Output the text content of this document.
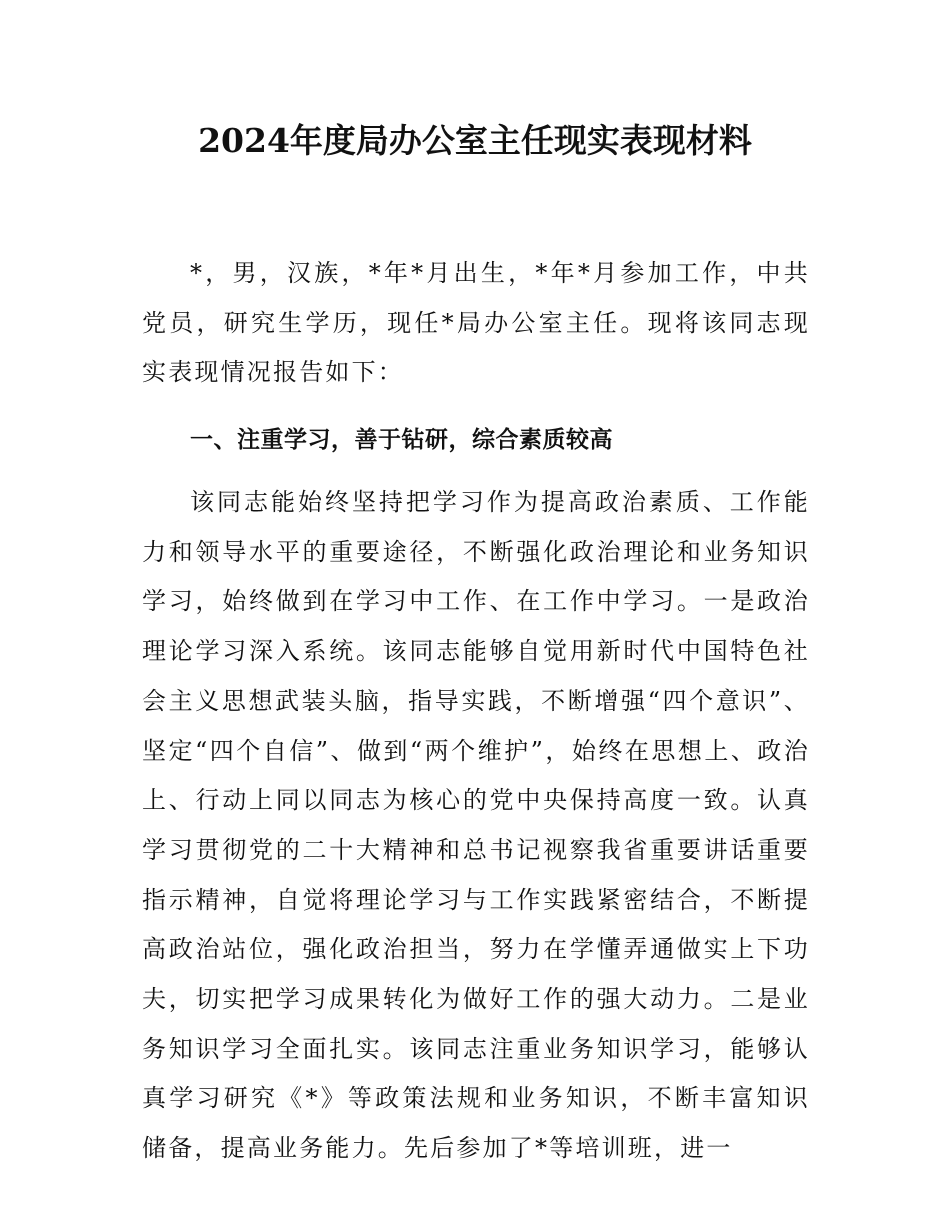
2024年度局办公室主任现实表现材料

*，男，汉族，*年*月出生，*年*月参加工作，中共党员，研究生学历，现任*局办公室主任。现将该同志现实表现情况报告如下：

一、注重学习，善于钻研，综合素质较高

该同志能始终坚持把学习作为提高政治素质、工作能力和领导水平的重要途径，不断强化政治理论和业务知识学习，始终做到在学习中工作、在工作中学习。一是政治理论学习深入系统。该同志能够自觉用新时代中国特色社会主义思想武装头脑，指导实践，不断增强“四个意识”、坚定“四个自信”、做到“两个维护”，始终在思想上、政治上、行动上同以同志为核心的党中央保持高度一致。认真学习贯彻党的二十大精神和总书记视察我省重要讲话重要指示精神，自觉将理论学习与工作实践紧密结合，不断提高政治站位，强化政治担当，努力在学懂弄通做实上下功夫，切实把学习成果转化为做好工作的强大动力。二是业务知识学习全面扎实。该同志注重业务知识学习，能够认真学习研究《*》等政策法规和业务知识，不断丰富知识储备，提高业务能力。先后参加了*等培训班，进一
